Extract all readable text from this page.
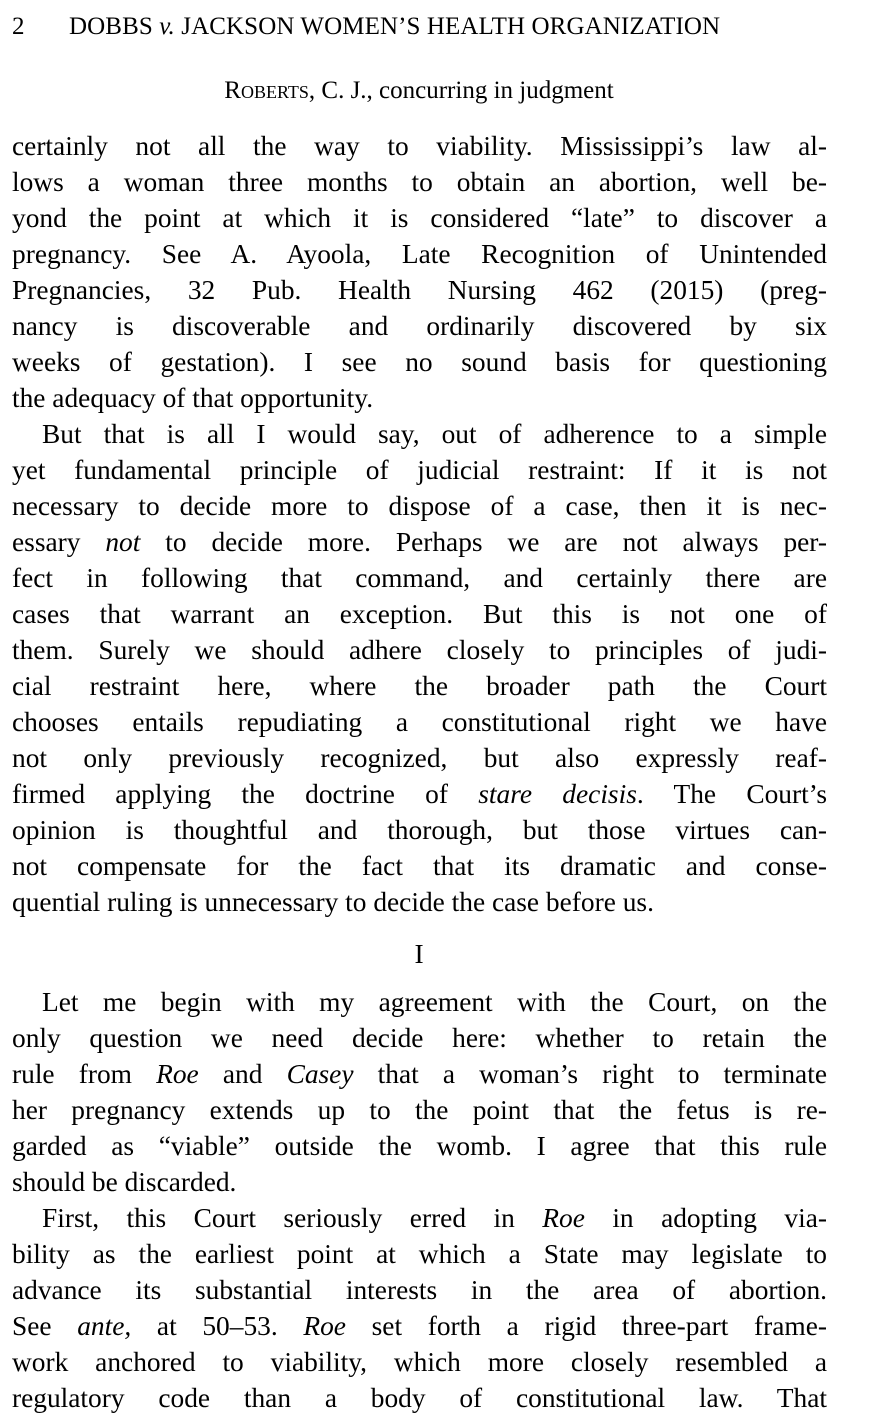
2 DOBBS v. JACKSON WOMEN’S HEALTH ORGANIZATION
Roberts, C. J., concurring in judgment

certainly not all the way to viability. Mississippi’s law al-

lows a woman three months to obtain an abortion, well be-

yond the point at which it is considered “late” to discover a

pregnancy. See A. Ayoola, Late Recognition of Unintended

Pregnancies, 32 Pub. Health Nursing 462 (2015) (preg-

nancy is discoverable and ordinarily discovered by six

weeks of gestation). I see no sound basis for questioning

the adequacy of that opportunity.

But that is all I would say, out of adherence to a simple

yet fundamental principle of judicial restraint: If it is not

necessary to decide more to dispose of a case, then it is nec-

essary not to decide more. Perhaps we are not always per-

fect in following that command, and certainly there are

cases that warrant an exception. But this is not one of

them. Surely we should adhere closely to principles of judi-

cial restraint here, where the broader path the Court

chooses entails repudiating a constitutional right we have

not only previously recognized, but also expressly reaf-

firmed applying the doctrine of stare decisis. The Court’s

opinion is thoughtful and thorough, but those virtues can-

not compensate for the fact that its dramatic and conse-

quential ruling is unnecessary to decide the case before us.

I

Let me begin with my agreement with the Court, on the

only question we need decide here: whether to retain the

rule from Roe and Casey that a woman’s right to terminate

her pregnancy extends up to the point that the fetus is re-

garded as “viable” outside the womb. I agree that this rule

should be discarded.

First, this Court seriously erred in Roe in adopting via-

bility as the earliest point at which a State may legislate to

advance its substantial interests in the area of abortion.

See ante, at 50–53. Roe set forth a rigid three-part frame-

work anchored to viability, which more closely resembled a

regulatory code than a body of constitutional law. That
